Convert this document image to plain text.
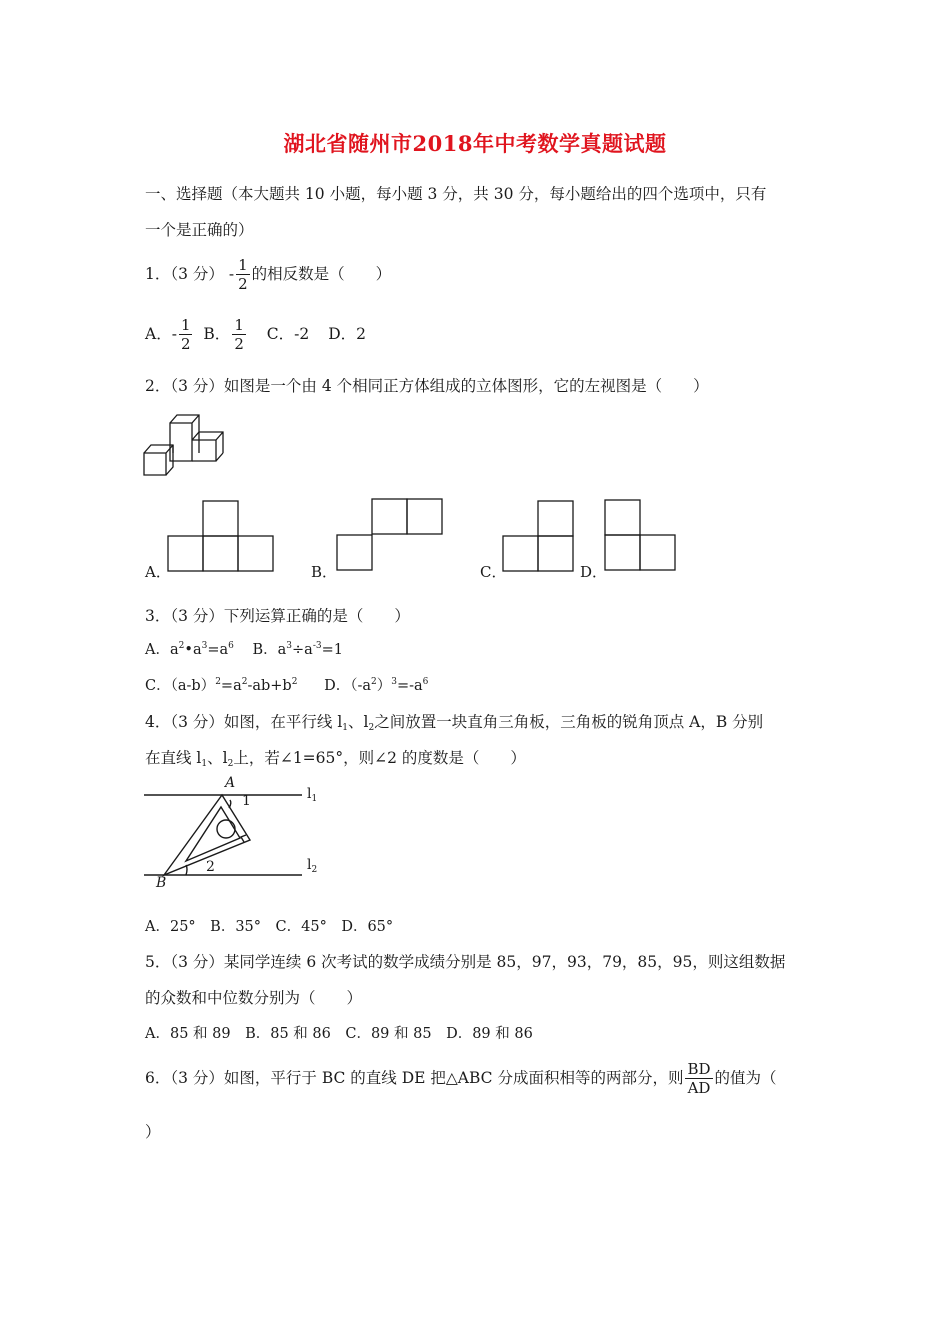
湖北省随州市2018年中考数学真题试题
一、选择题（本大题共 10 小题，每小题 3 分，共 30 分，每小题给出的四个选项中，只有
一个是正确的）
1．（3 分） - $\frac{1}{2}$ 的相反数是（　　）
A．- $\frac{1}{2}$ B． $\frac{1}{2}$ C．-2 D．2
2．（3 分）如图是一个由 4 个相同正方体组成的立体图形，它的左视图是（　　）
A．	B．	C．	D．
3．（3 分）下列运算正确的是（　　）
A．$a^2•a^3=a^6$ B．$a^3\div a^{-3}=1$
C．$(a-b)^2=a^2-ab+b^2$ D．$(-a^2)^3=-a^6$
4．（3 分）如图，在平行线 $l_1$、$l_2$之间放置一块直角三角板，三角板的锐角顶点 A，B 分别
在直线 $l_1$、$l_2$上，若∠1=65°，则∠2 的度数是（　　）
A
1	$l_1$
2	$l_2$
B
A．25°　B．35°　C．45°　D．65°
5．（3 分）某同学连续 6 次考试的数学成绩分别是 85，97，93，79，85，95，则这组数据
的众数和中位数分别为（　　）
A．85 和 89　B．85 和 86　C．89 和 85　D．89 和 86
6．（3 分）如图，平行于 BC 的直线 DE 把△ABC 分成面积相等的两部分，则 $\frac{BD}{AD}$ 的值为（
）
